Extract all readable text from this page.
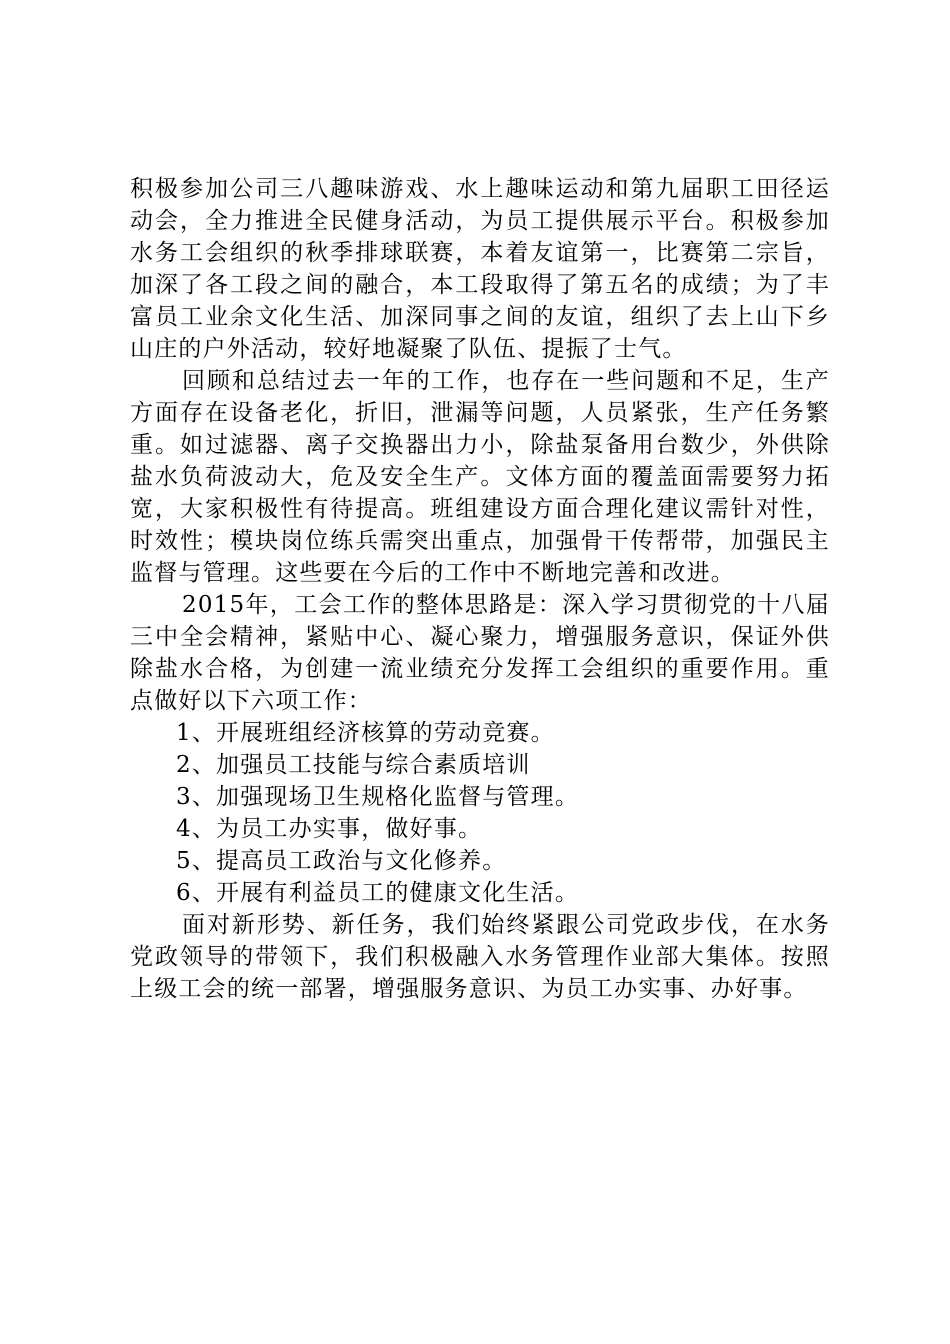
积极参加公司三八趣味游戏、水上趣味运动和第九届职工田径运动会，全力推进全民健身活动，为员工提供展示平台。积极参加水务工会组织的秋季排球联赛，本着友谊第一，比赛第二宗旨，加深了各工段之间的融合，本工段取得了第五名的成绩；为了丰富员工业余文化生活、加深同事之间的友谊，组织了去上山下乡山庄的户外活动，较好地凝聚了队伍、提振了士气。

回顾和总结过去一年的工作，也存在一些问题和不足，生产方面存在设备老化，折旧，泄漏等问题，人员紧张，生产任务繁重。如过滤器、离子交换器出力小，除盐泵备用台数少，外供除盐水负荷波动大，危及安全生产。文体方面的覆盖面需要努力拓宽，大家积极性有待提高。班组建设方面合理化建议需针对性，时效性；模块岗位练兵需突出重点，加强骨干传帮带，加强民主监督与管理。这些要在今后的工作中不断地完善和改进。

2015年，工会工作的整体思路是：深入学习贯彻党的十八届三中全会精神，紧贴中心、凝心聚力，增强服务意识，保证外供除盐水合格，为创建一流业绩充分发挥工会组织的重要作用。重点做好以下六项工作：

1、开展班组经济核算的劳动竞赛。
2、加强员工技能与综合素质培训
3、加强现场卫生规格化监督与管理。
4、为员工办实事，做好事。
5、提高员工政治与文化修养。
6、开展有利益员工的健康文化生活。

面对新形势、新任务，我们始终紧跟公司党政步伐，在水务党政领导的带领下，我们积极融入水务管理作业部大集体。按照上级工会的统一部署，增强服务意识、为员工办实事、办好事。
